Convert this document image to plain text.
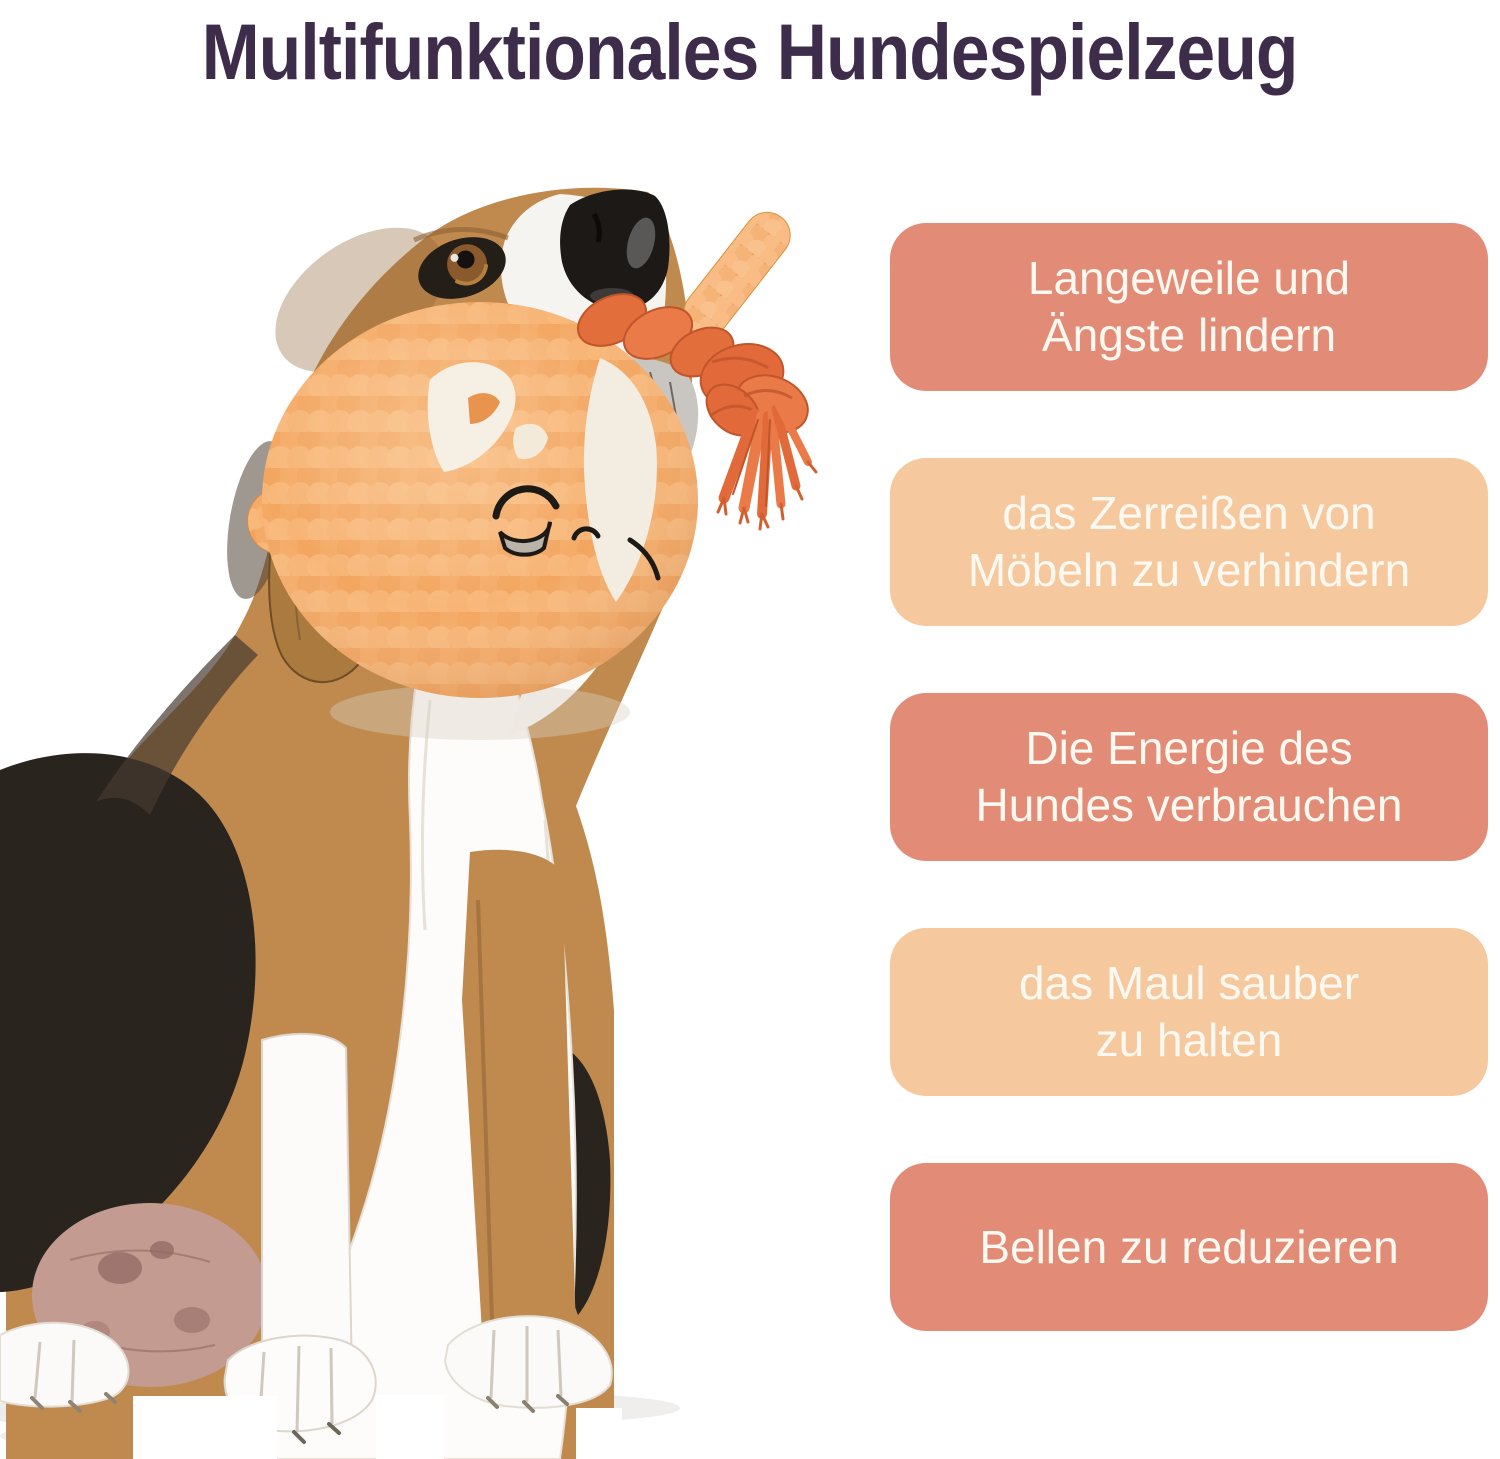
Multifunktionales Hundespielzeug
Langeweile und
Ängste lindern
das Zerreißen von
Möbeln zu verhindern
Die Energie des
Hundes verbrauchen
das Maul sauber
zu halten
Bellen zu reduzieren
